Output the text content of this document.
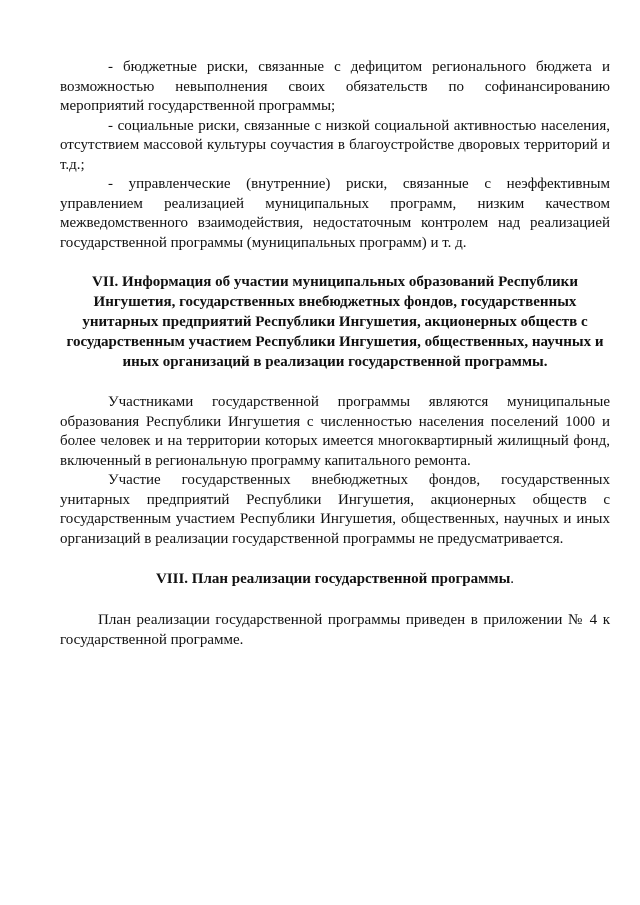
- бюджетные риски, связанные с дефицитом регионального бюджета и возможностью невыполнения своих обязательств по софинансированию мероприятий государственной программы;

- социальные риски, связанные с низкой социальной активностью населения, отсутствием массовой культуры соучастия в благоустройстве дворовых территорий и т.д.;

- управленческие (внутренние) риски, связанные с неэффективным управлением реализацией муниципальных программ, низким качеством межведомственного взаимодействия, недостаточным контролем над реализацией государственной программы (муниципальных программ) и т. д.

VII. Информация об участии муниципальных образований Республики Ингушетия, государственных внебюджетных фондов, государственных унитарных предприятий Республики Ингушетия, акционерных обществ с государственным участием Республики Ингушетия, общественных, научных и иных организаций в реализации государственной программы.

Участниками государственной программы являются муниципальные образования Республики Ингушетия с численностью населения поселений 1000 и более человек и на территории которых имеется многоквартирный жилищный фонд, включенный в региональную программу капитального ремонта.

Участие государственных внебюджетных фондов, государственных унитарных предприятий Республики Ингушетия, акционерных обществ с государственным участием Республики Ингушетия, общественных, научных и иных организаций в реализации государственной программы не предусматривается.

VIII. План реализации государственной программы.

План реализации государственной программы приведен в приложении № 4 к государственной программе.
